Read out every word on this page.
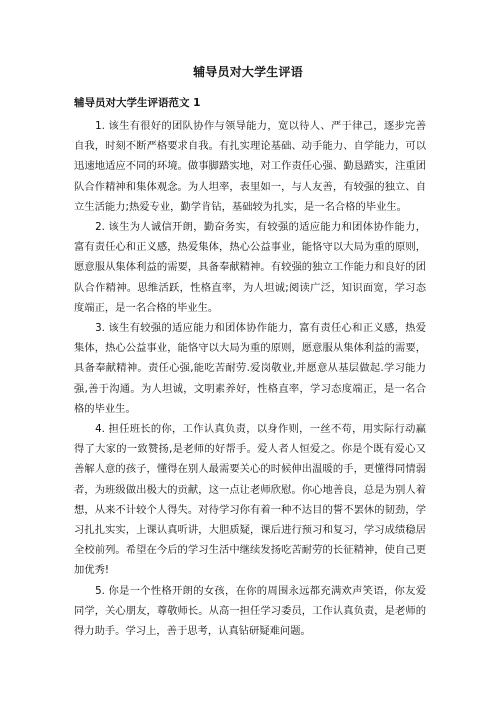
辅导员对大学生评语
辅导员对大学生评语范文 1

1. 该生有很好的团队协作与领导能力，宽以待人、严于律己，逐步完善自我，时刻不断严格要求自我。有扎实理论基础、动手能力、自学能力，可以迅速地适应不同的环境。做事脚踏实地，对工作责任心强、勤恳踏实，注重团队合作精神和集体观念。为人坦率，表里如一，与人友善，有较强的独立、自立生活能力;热爱专业，勤学肯钻，基础较为扎实，是一名合格的毕业生。

2. 该生为人诚信开朗，勤奋务实，有较强的适应能力和团体协作能力，富有责任心和正义感，热爱集体，热心公益事业，能恪守以大局为重的原则，愿意服从集体利益的需要，具备奉献精神。有较强的独立工作能力和良好的团队合作精神。思维活跃，性格直率，为人坦诚;阅读广泛，知识面宽，学习态度端正，是一名合格的毕业生。

3. 该生有较强的适应能力和团体协作能力，富有责任心和正义感，热爱集体，热心公益事业，能恪守以大局为重的原则，愿意服从集体利益的需要，具备奉献精神。责任心强,能吃苦耐劳.爱岗敬业,并愿意从基层做起.学习能力强,善于沟通。为人坦诚，文明素养好，性格直率，学习态度端正，是一名合格的毕业生。

4. 担任班长的你，工作认真负责，以身作则，一丝不苟，用实际行动赢得了大家的一致赞扬,是老师的好帮手。爱人者人恒爱之。你是个既有爱心又善解人意的孩子，懂得在别人最需要关心的时候伸出温暖的手，更懂得同情弱者，为班级做出极大的贡献，这一点让老师欣慰。你心地善良，总是为别人着想，从来不计较个人得失。对待学习你有着一种不达目的誓不罢休的韧劲，学习扎扎实实，上课认真听讲，大胆质疑，课后进行预习和复习，学习成绩稳居全校前列。希望在今后的学习生活中继续发扬吃苦耐劳的长征精神，使自己更加优秀!

5. 你是一个性格开朗的女孩，在你的周围永远都充满欢声笑语，你友爱同学，关心朋友，尊敬师长。从高一担任学习委员，工作认真负责，是老师的得力助手。学习上，善于思考，认真钻研疑难问题。
